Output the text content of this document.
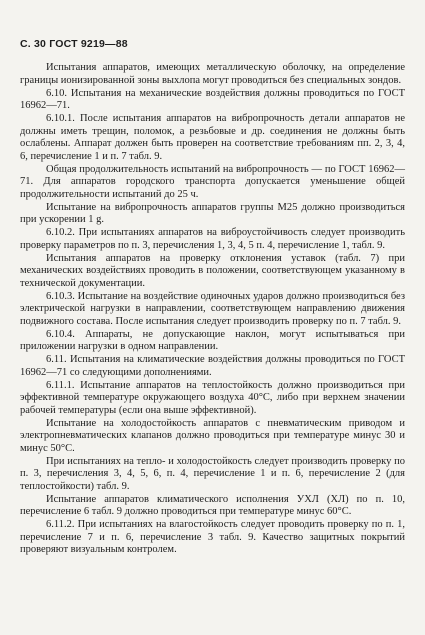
С. 30 ГОСТ 9219—88

Испытания аппаратов, имеющих металлическую оболочку, на определение границы ионизированной зоны выхлопа могут проводиться без специальных зондов.

6.10. Испытания на механические воздействия должны проводиться по ГОСТ 16962—71.

6.10.1. После испытания аппаратов на вибропрочность детали аппаратов не должны иметь трещин, поломок, а резьбовые и др. соединения не должны быть ослаблены. Аппарат должен быть проверен на соответствие требованиям пп. 2, 3, 4, 6, перечисление 1 и п. 7 табл. 9.

Общая продолжительность испытаний на вибропрочность — по ГОСТ 16962—71. Для аппаратов городского транспорта допускается уменьшение общей продолжительности испытаний до 25 ч.

Испытание на вибропрочность аппаратов группы М25 должно производиться при ускорении 1 g.

6.10.2. При испытаниях аппаратов на виброустойчивость следует производить проверку параметров по п. 3, перечисления 1, 3, 4, 5 п. 4, перечисление 1, табл. 9.

Испытания аппаратов на проверку отклонения уставок (табл. 7) при механических воздействиях проводить в положении, соответствующем указанному в технической документации.

6.10.3. Испытание на воздействие одиночных ударов должно производиться без электрической нагрузки в направлении, соответствующем направлению движения подвижного состава. После испытания следует производить проверку по п. 7 табл. 9.

6.10.4. Аппараты, не допускающие наклон, могут испытываться при приложении нагрузки в одном направлении.

6.11. Испытания на климатические воздействия должны проводиться по ГОСТ 16962—71 со следующими дополнениями.

6.11.1. Испытание аппаратов на теплостойкость должно производиться при эффективной температуре окружающего воздуха 40°С, либо при верхнем значении рабочей температуры (если она выше эффективной).

Испытание на холодостойкость аппаратов с пневматическим приводом и электропневматических клапанов должно проводиться при температуре минус 30 и минус 50°С.

При испытаниях на тепло- и холодостойкость следует производить проверку по п. 3, перечисления 3, 4, 5, 6, п. 4, перечисление 1 и п. 6, перечисление 2 (для теплостойкости) табл. 9.

Испытание аппаратов климатического исполнения УХЛ (ХЛ) по п. 10, перечисление 6 табл. 9 должно проводиться при температуре минус 60°С.

6.11.2. При испытаниях на влагостойкость следует проводить проверку по п. 1, перечисление 7 и п. 6, перечисление 3 табл. 9. Качество защитных покрытий проверяют визуальным контролем.
